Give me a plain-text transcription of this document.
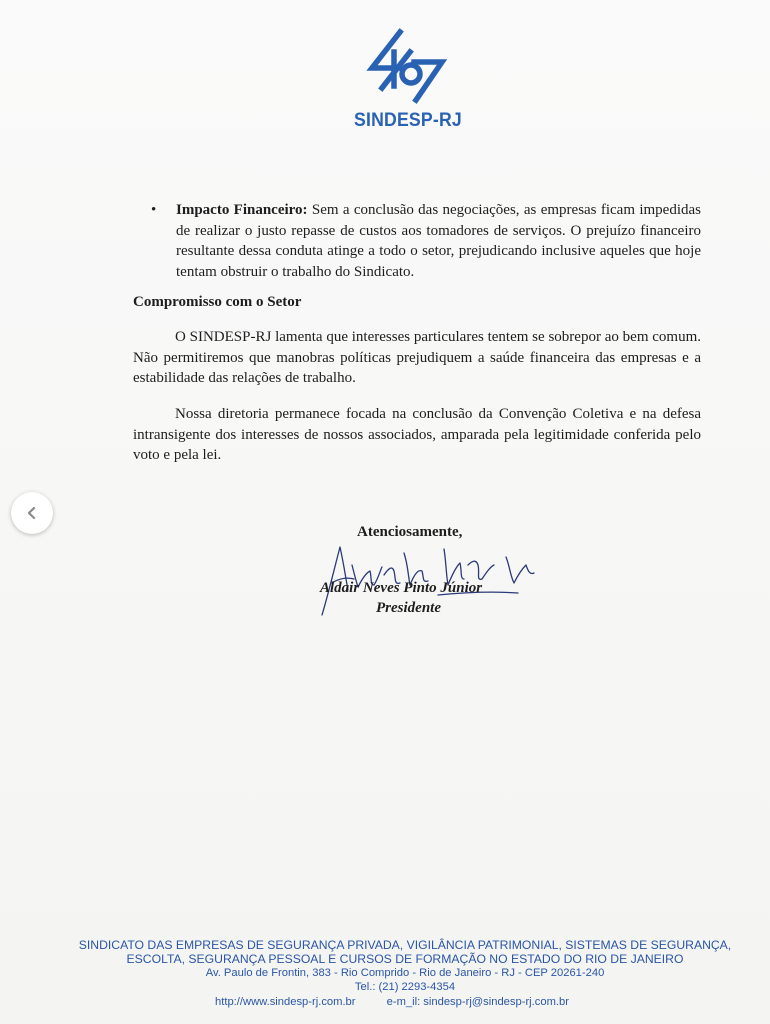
SINDESP-RJ
• Impacto Financeiro: Sem a conclusão das negociações, as empresas ficam impedidas de realizar o justo repasse de custos aos tomadores de serviços. O prejuízo financeiro resultante dessa conduta atinge a todo o setor, prejudicando inclusive aqueles que hoje tentam obstruir o trabalho do Sindicato.
Compromisso com o Setor
O SINDESP-RJ lamenta que interesses particulares tentem se sobrepor ao bem comum. Não permitiremos que manobras políticas prejudiquem a saúde financeira das empresas e a estabilidade das relações de trabalho.
Nossa diretoria permanece focada na conclusão da Convenção Coletiva e na defesa intransigente dos interesses de nossos associados, amparada pela legitimidade conferida pelo voto e pela lei.
Atenciosamente,
Aldair Neves Pinto Júnior
Presidente
SINDICATO DAS EMPRESAS DE SEGURANÇA PRIVADA, VIGILÂNCIA PATRIMONIAL, SISTEMAS DE SEGURANÇA,
ESCOLTA, SEGURANÇA PESSOAL E CURSOS DE FORMAÇÃO NO ESTADO DO RIO DE JANEIRO
Av. Paulo de Frontin, 383 - Rio Comprido - Rio de Janeiro - RJ - CEP 20261-240
Tel.: (21) 2293-4354
http://www.sindesp-rj.com.br	e-m_il: sindesp-rj@sindesp-rj.com.br
